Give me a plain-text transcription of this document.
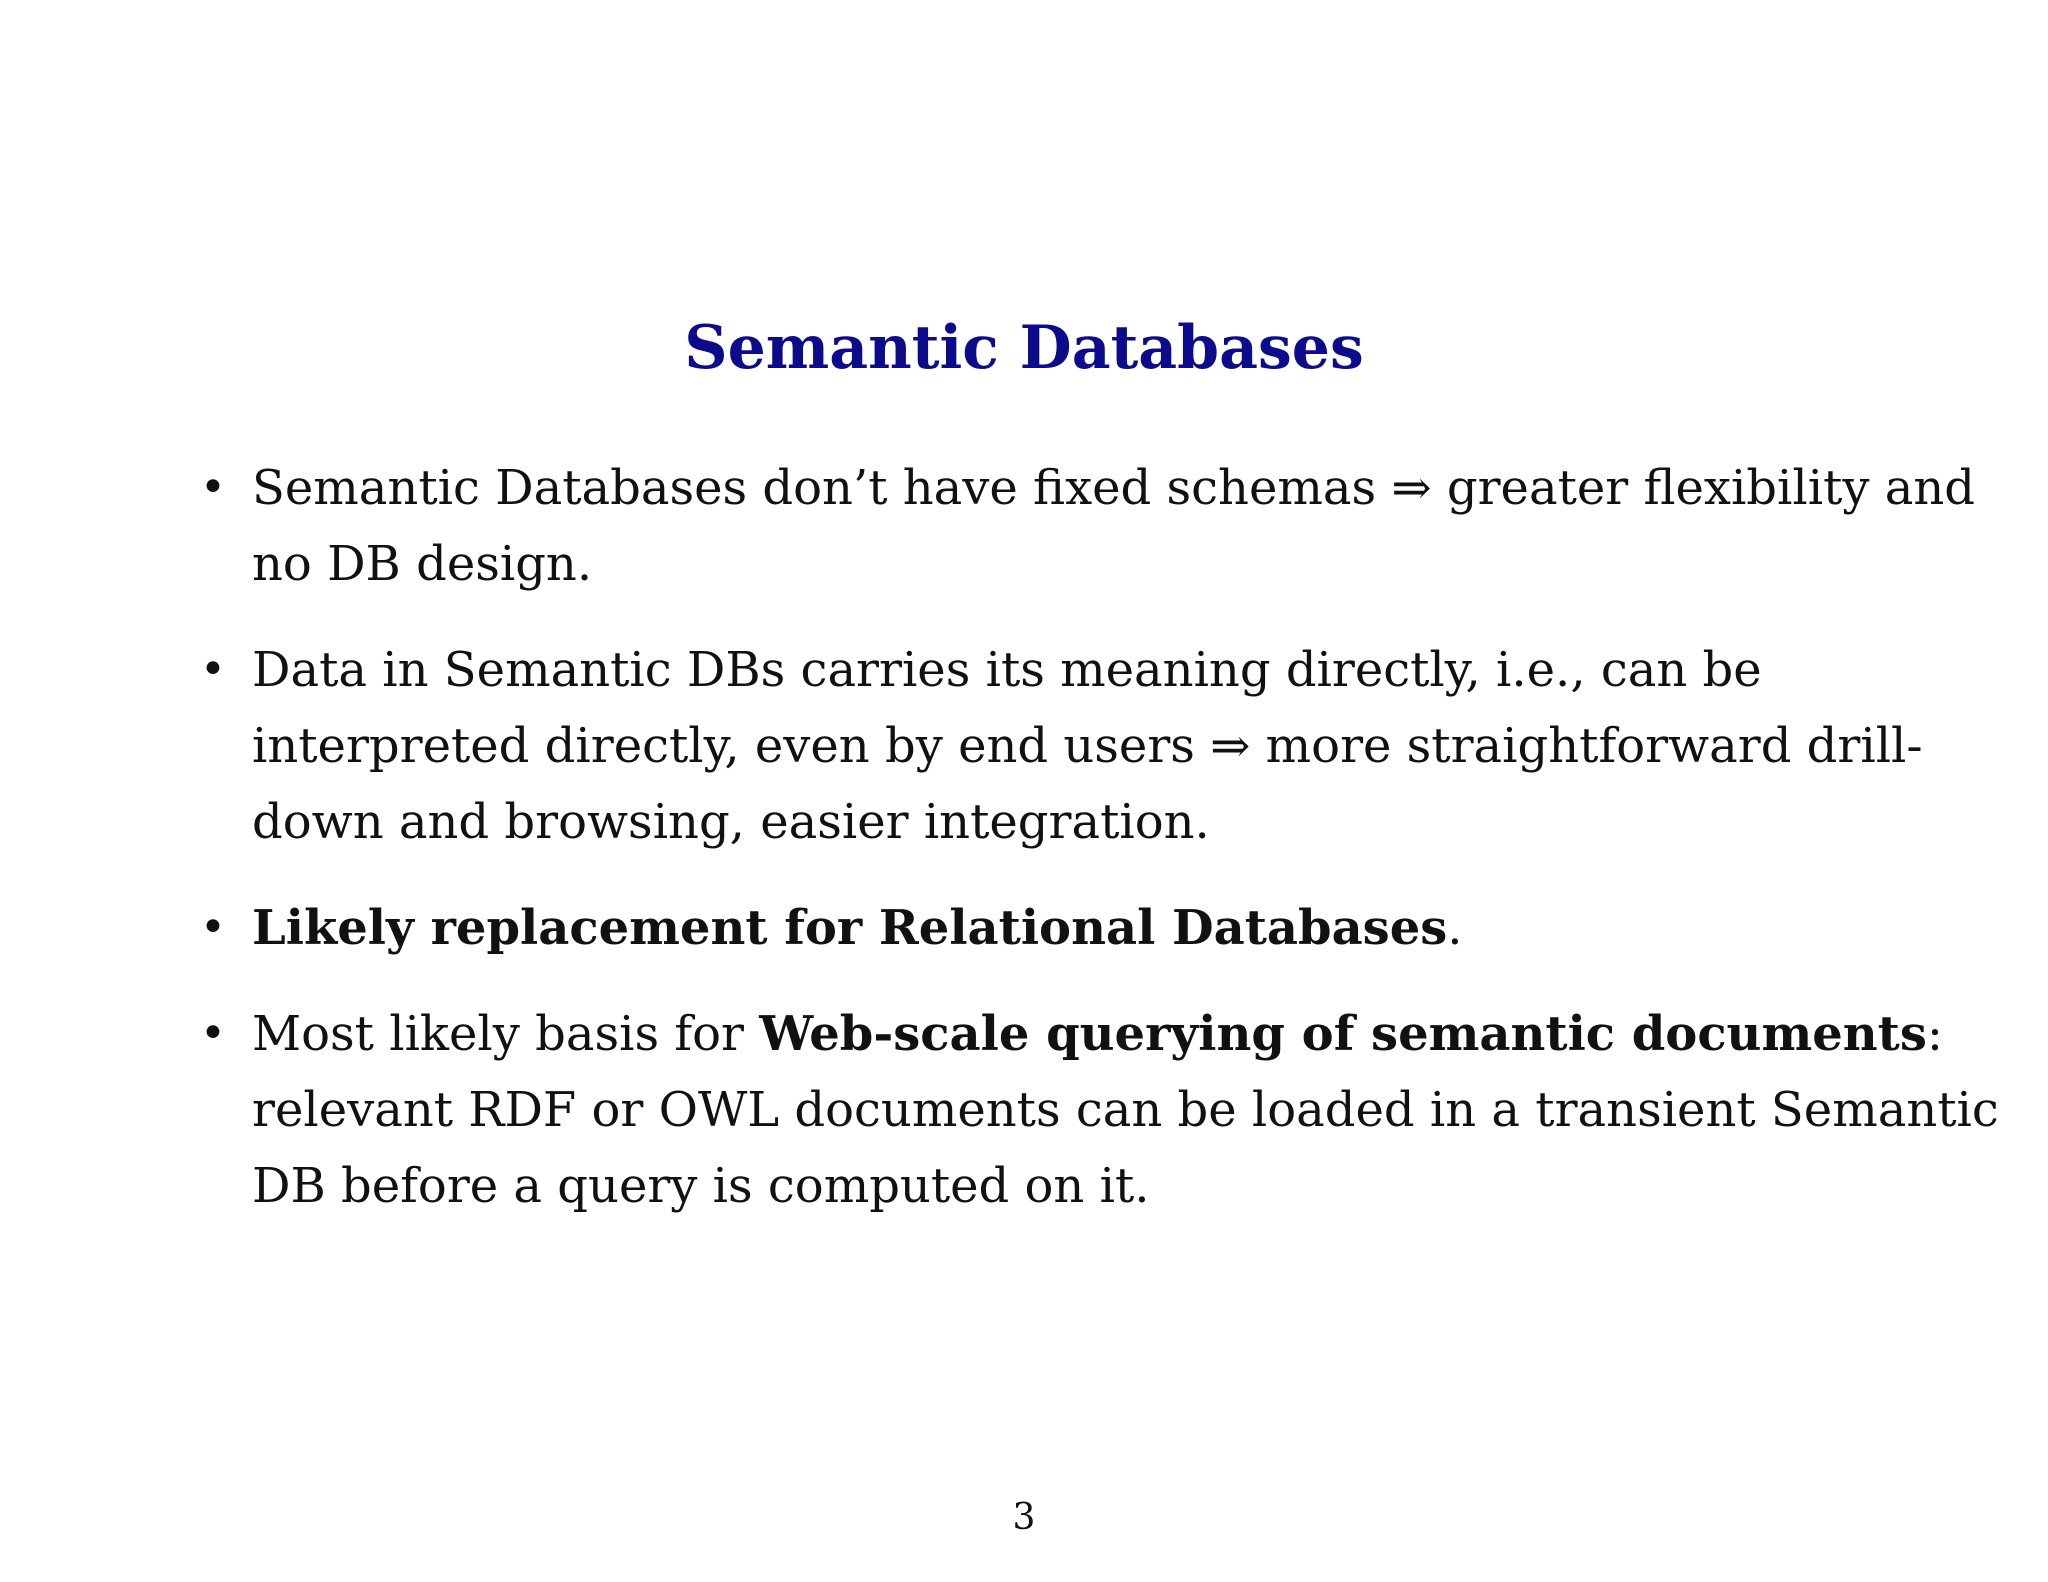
Semantic Databases
• Semantic Databases don’t have fixed schemas ⇒ greater flexibility and no DB design.
• Data in Semantic DBs carries its meaning directly, i.e., can be interpreted directly, even by end users ⇒ more straightforward drill-down and browsing, easier integration.
• Likely replacement for Relational Databases.
• Most likely basis for Web-scale querying of semantic documents: relevant RDF or OWL documents can be loaded in a transient Semantic DB before a query is computed on it.
3
